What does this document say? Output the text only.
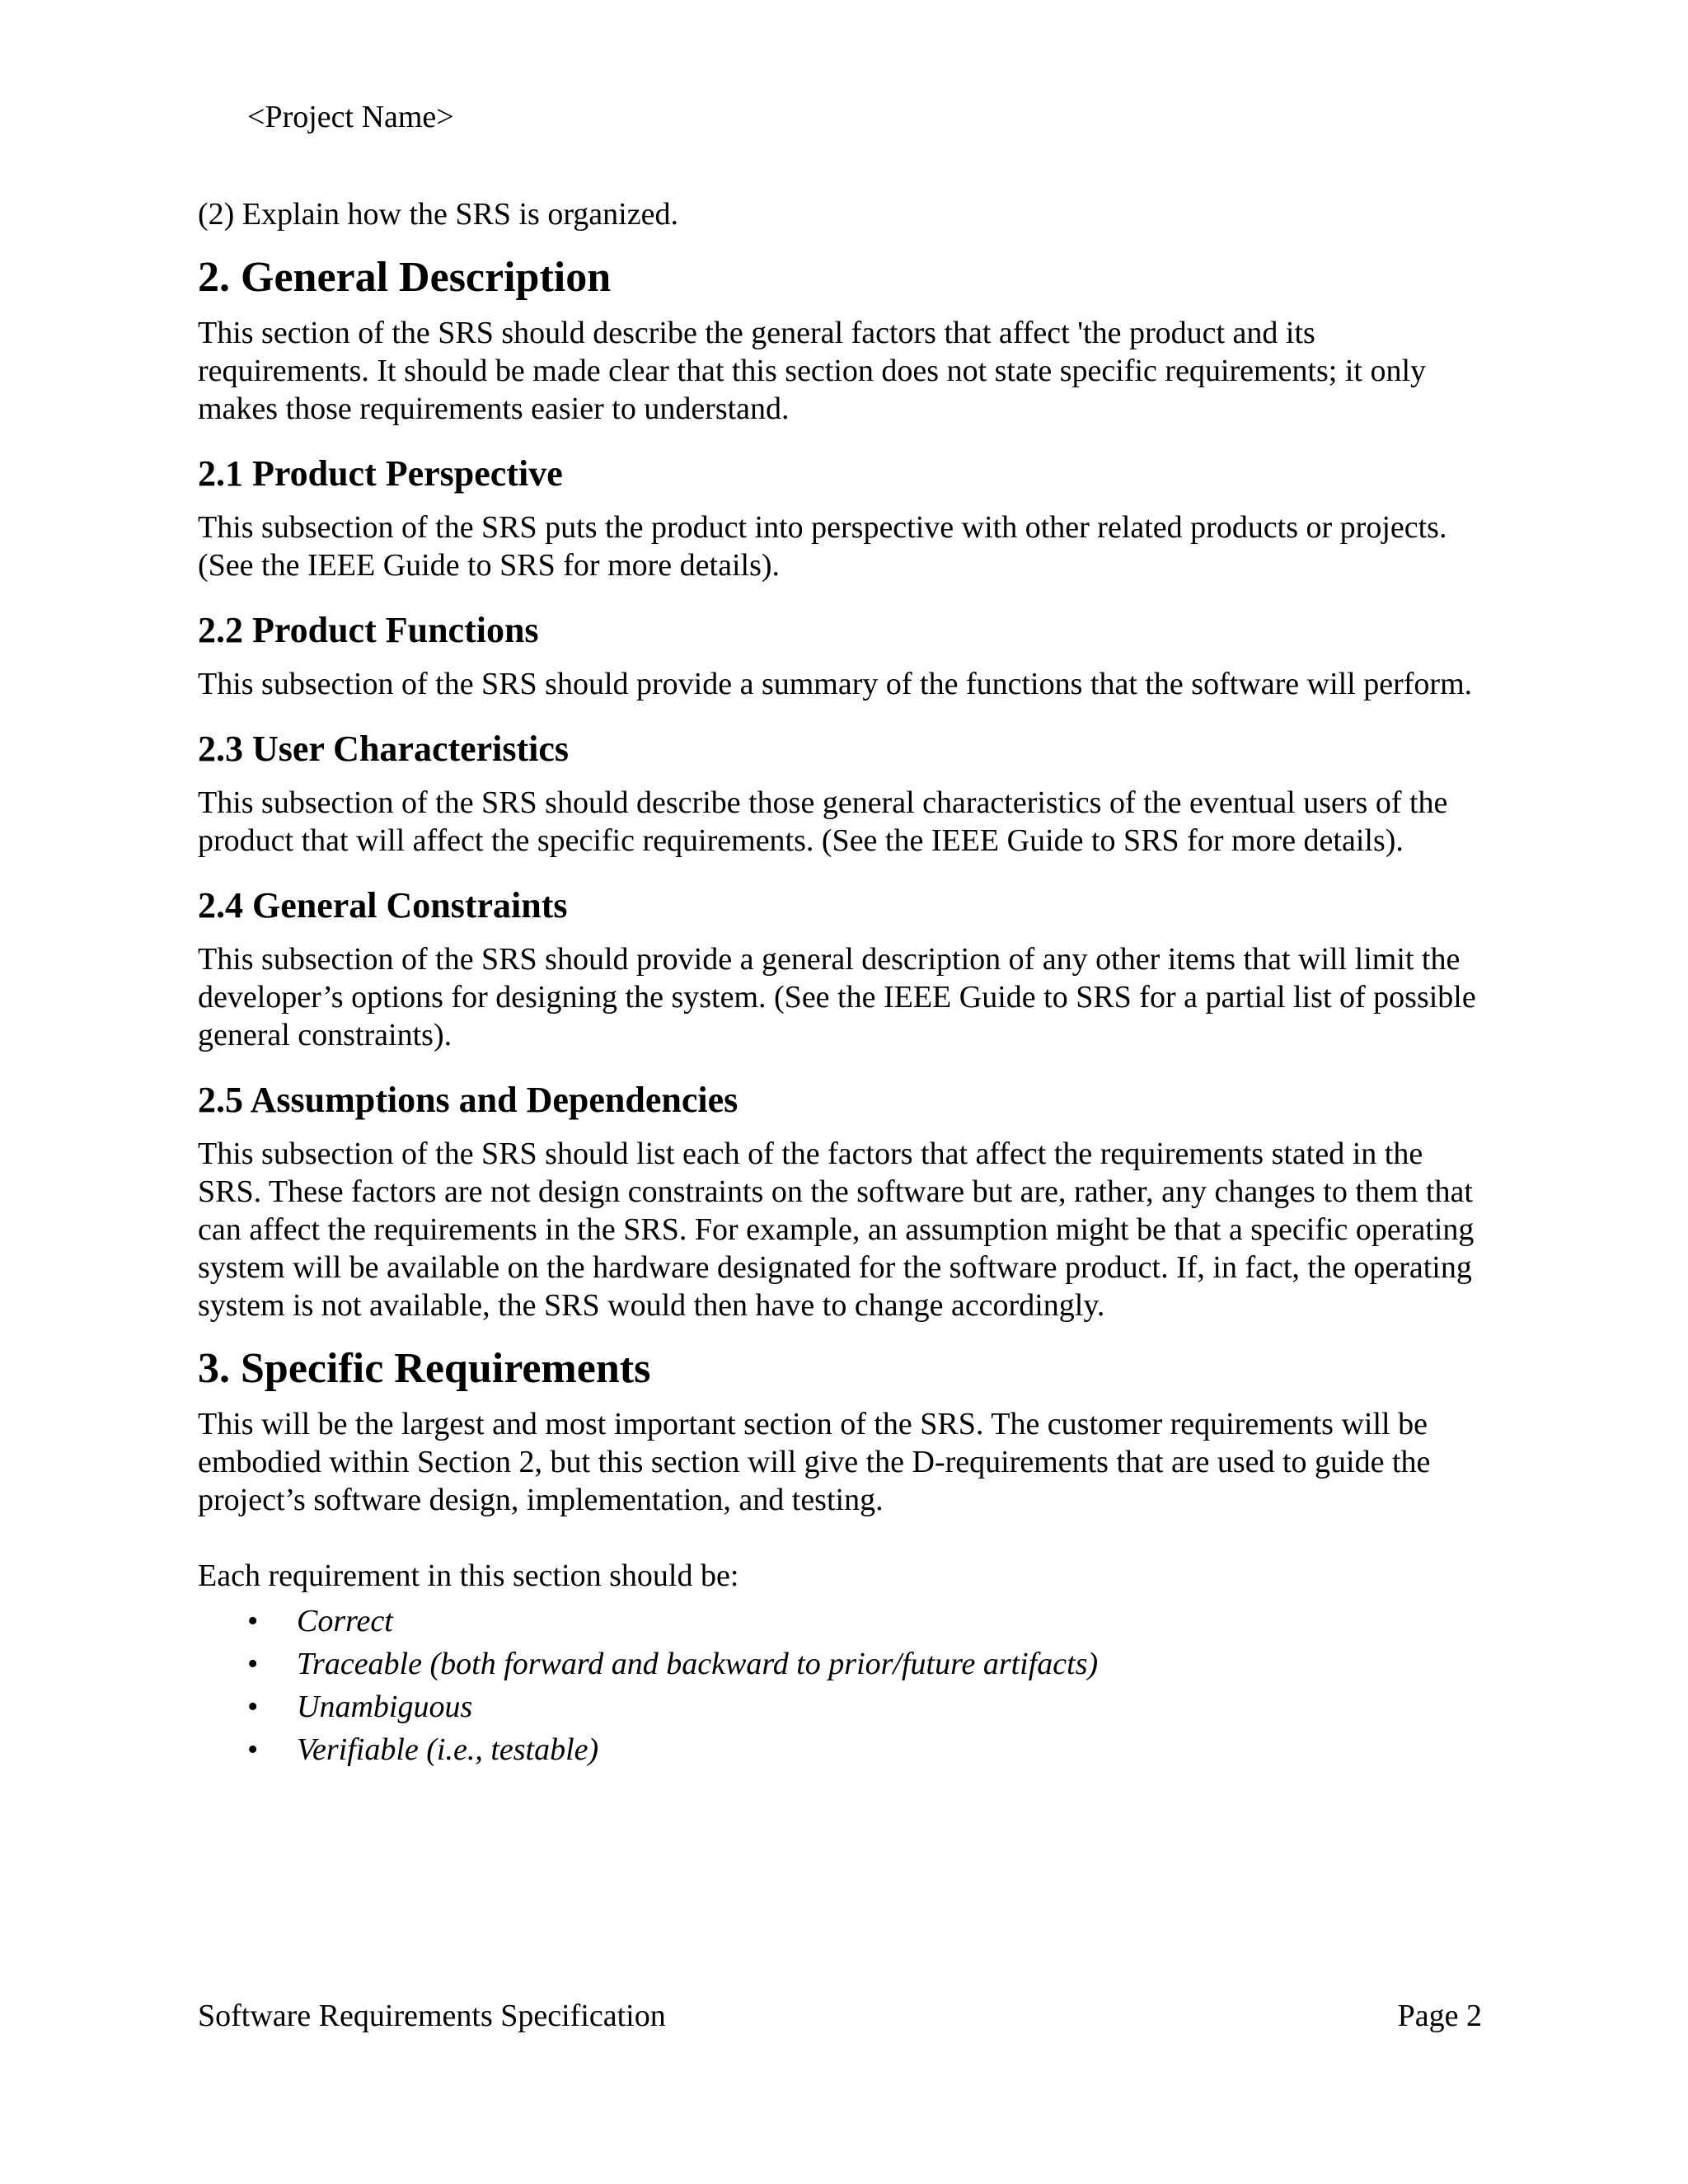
<Project Name>

(2) Explain how the SRS is organized.

2. General Description

This section of the SRS should describe the general factors that affect 'the product and its requirements. It should be made clear that this section does not state specific requirements; it only makes those requirements easier to understand.

2.1 Product Perspective

This subsection of the SRS puts the product into perspective with other related products or projects. (See the IEEE Guide to SRS for more details).

2.2 Product Functions

This subsection of the SRS should provide a summary of the functions that the software will perform.

2.3 User Characteristics

This subsection of the SRS should describe those general characteristics of the eventual users of the product that will affect the specific requirements. (See the IEEE Guide to SRS for more details).

2.4 General Constraints

This subsection of the SRS should provide a general description of any other items that will limit the developer’s options for designing the system. (See the IEEE Guide to SRS for a partial list of possible general constraints).

2.5 Assumptions and Dependencies

This subsection of the SRS should list each of the factors that affect the requirements stated in the SRS. These factors are not design constraints on the software but are, rather, any changes to them that can affect the requirements in the SRS. For example, an assumption might be that a specific operating system will be available on the hardware designated for the software product. If, in fact, the operating system is not available, the SRS would then have to change accordingly.

3. Specific Requirements

This will be the largest and most important section of the SRS. The customer requirements will be embodied within Section 2, but this section will give the D-requirements that are used to guide the project’s software design, implementation, and testing.

Each requirement in this section should be:

• Correct
• Traceable (both forward and backward to prior/future artifacts)
• Unambiguous
• Verifiable (i.e., testable)
Software Requirements Specification	Page 2
